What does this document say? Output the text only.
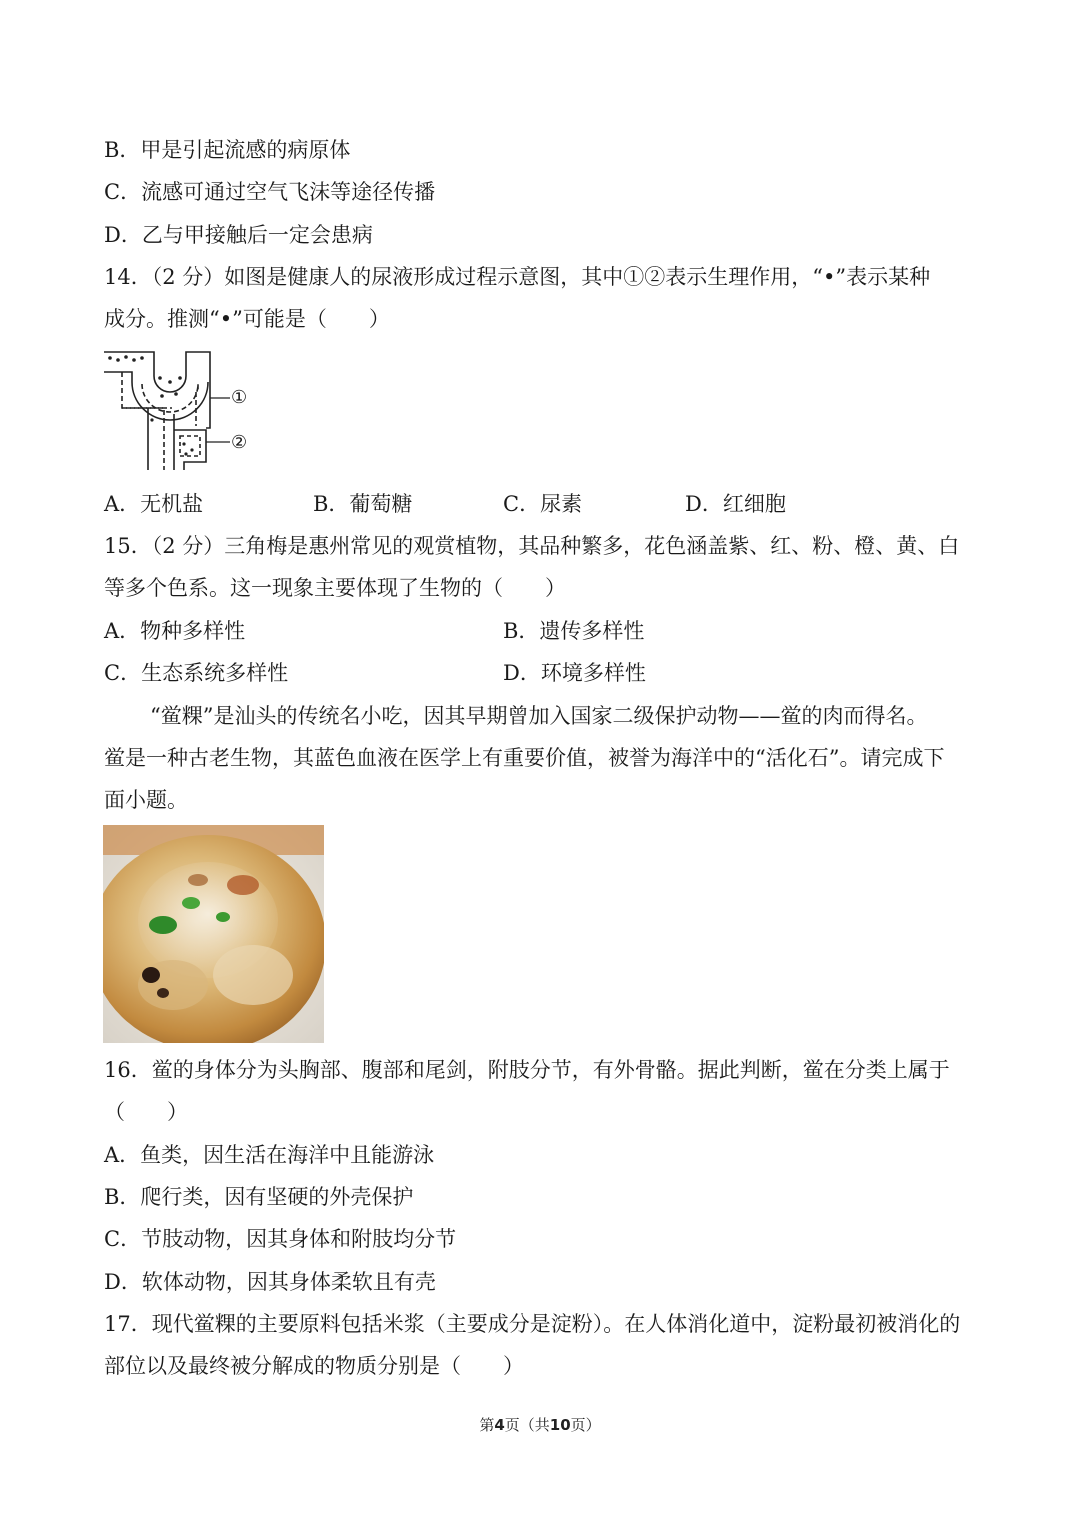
B．甲是引起流感的病原体
C．流感可通过空气飞沫等途径传播
D．乙与甲接触后一定会患病
14．（2 分）如图是健康人的尿液形成过程示意图，其中①②表示生理作用，“•”表示某种
成分。推测“•”可能是（　　）
①
②
A．无机盐	B．葡萄糖	C．尿素	D．红细胞
15．（2 分）三角梅是惠州常见的观赏植物，其品种繁多，花色涵盖紫、红、粉、橙、黄、白
等多个色系。这一现象主要体现了生物的（　　）
A．物种多样性	B．遗传多样性
C．生态系统多样性	D．环境多样性
“鲎粿”是汕头的传统名小吃，因其早期曾加入国家二级保护动物——鲎的肉而得名。
鲎是一种古老生物，其蓝色血液在医学上有重要价值，被誉为海洋中的“活化石”。请完成下
面小题。
16．鲎的身体分为头胸部、腹部和尾剑，附肢分节，有外骨骼。据此判断，鲎在分类上属于
（　　）
A．鱼类，因生活在海洋中且能游泳
B．爬行类，因有坚硬的外壳保护
C．节肢动物，因其身体和附肢均分节
D．软体动物，因其身体柔软且有壳
17．现代鲎粿的主要原料包括米浆（主要成分是淀粉）。在人体消化道中，淀粉最初被消化的
部位以及最终被分解成的物质分别是（　　）
第4页（共10页）
